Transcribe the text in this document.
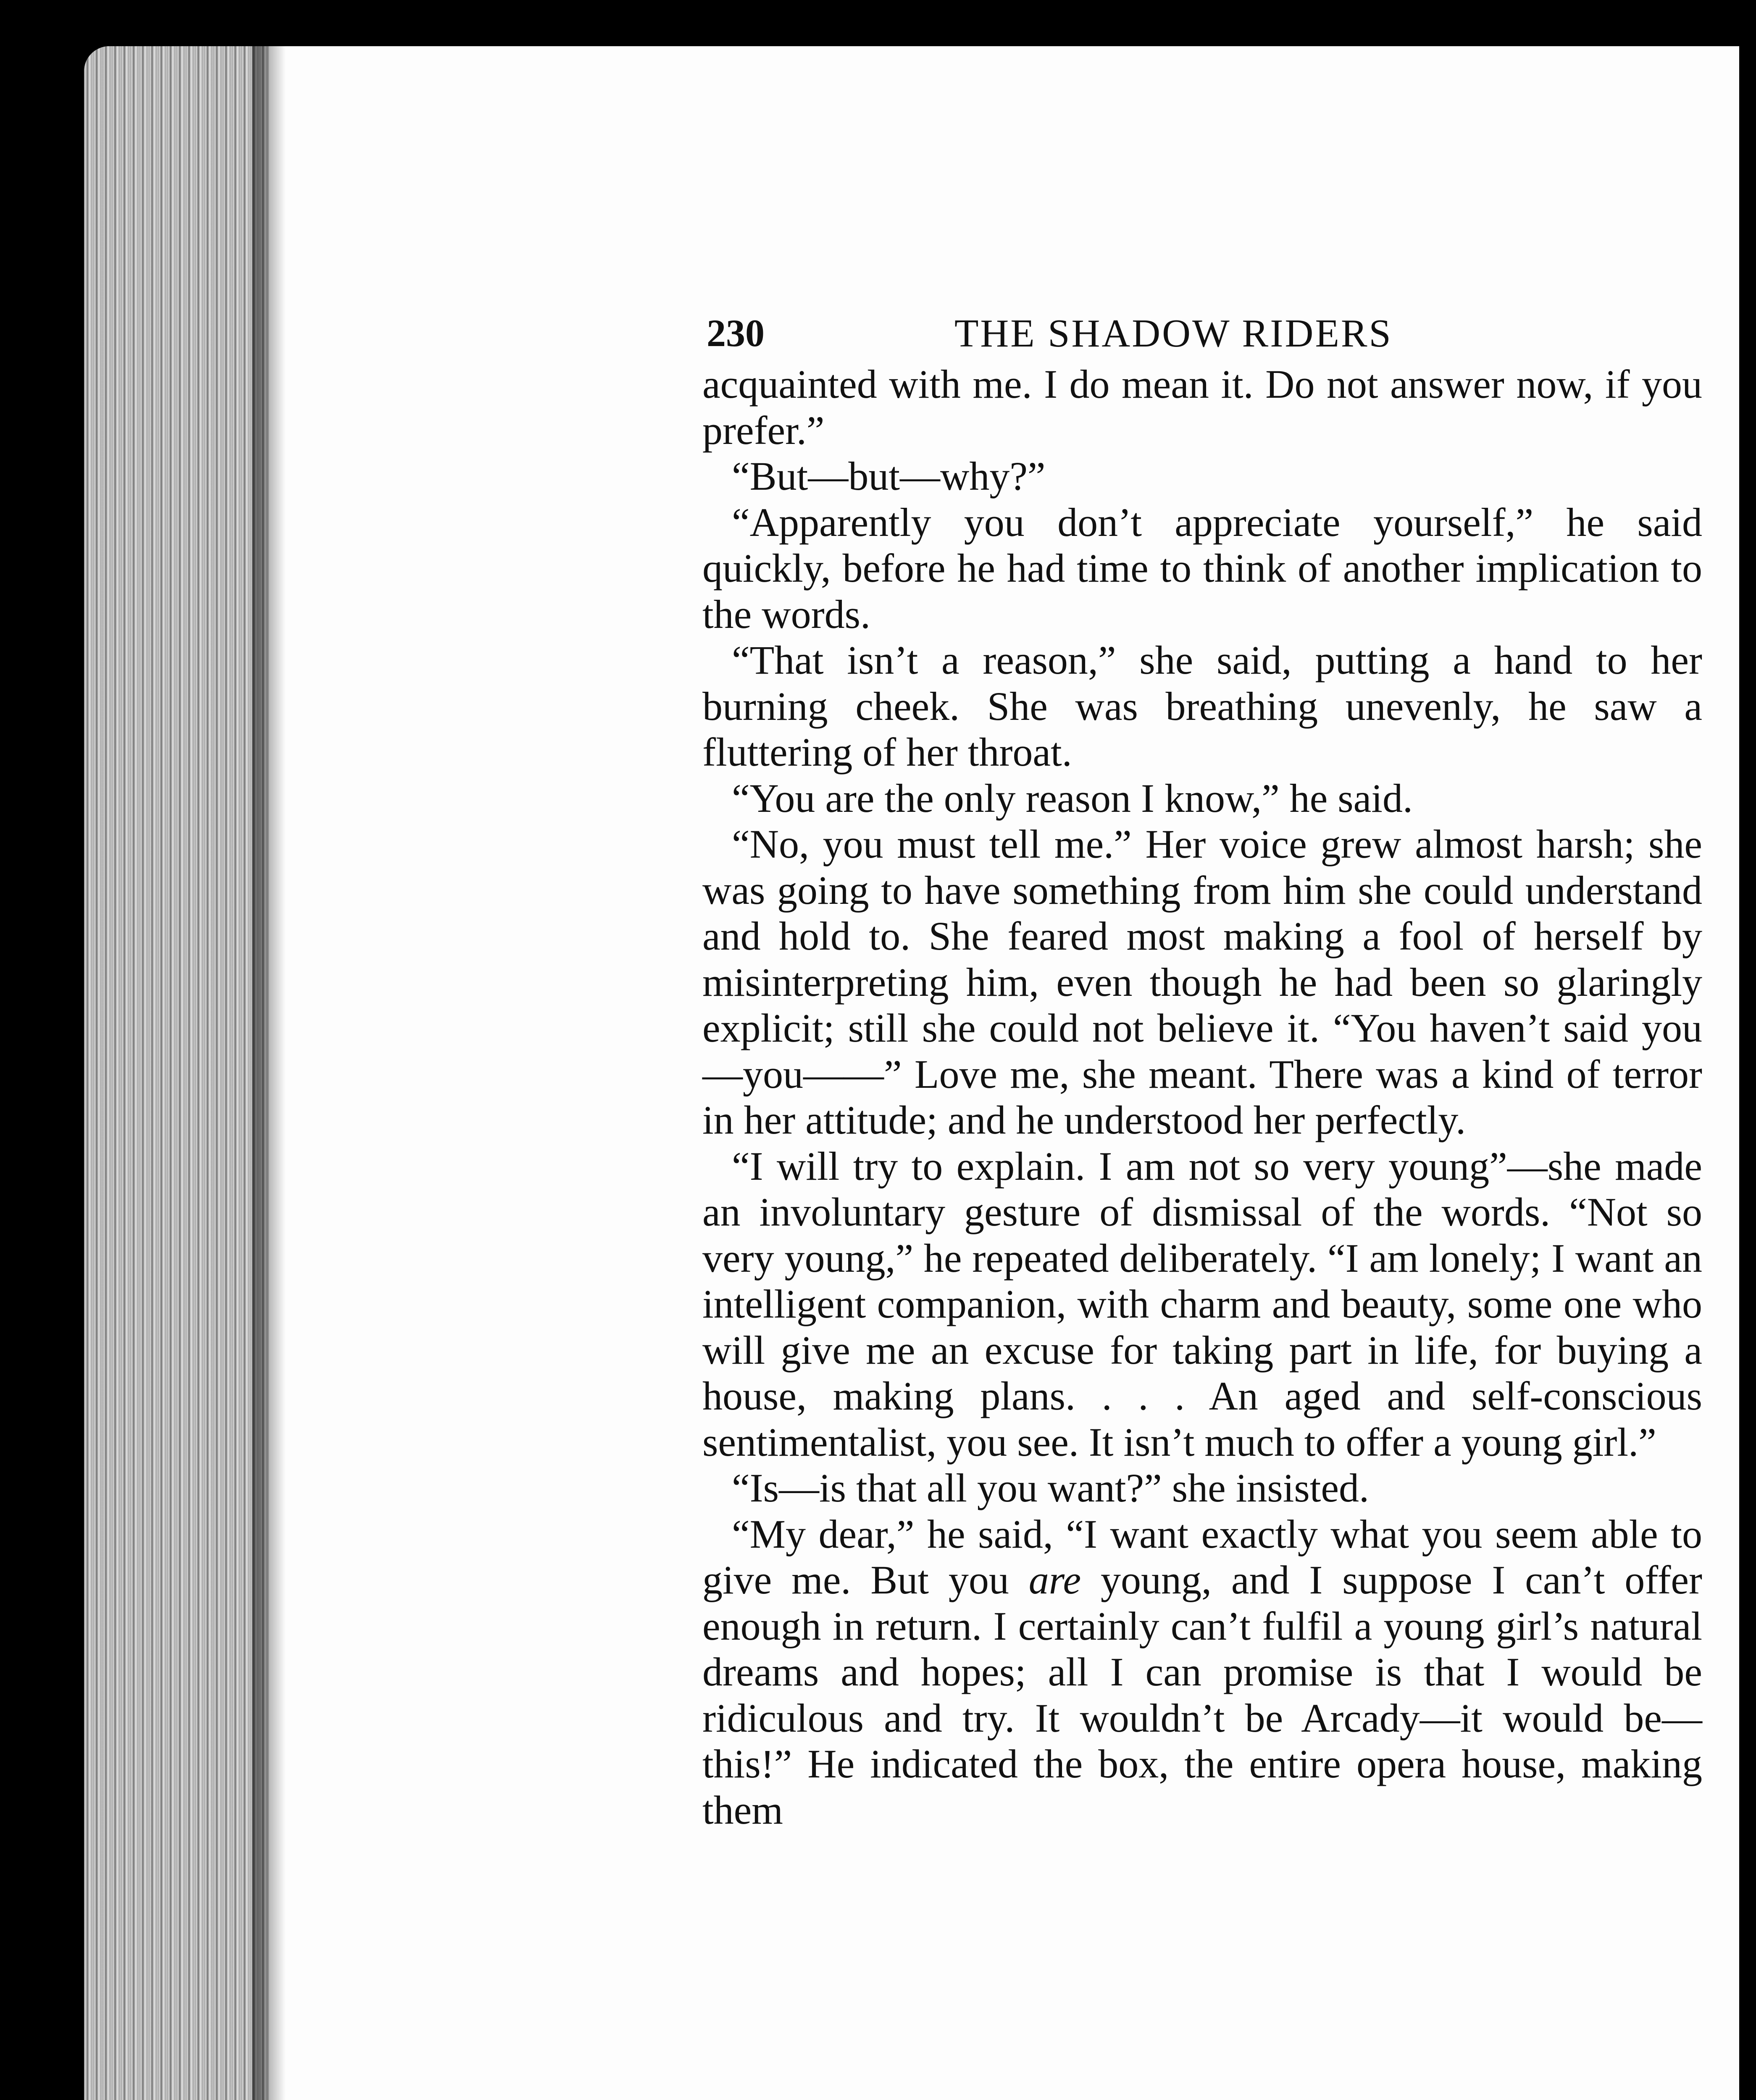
230	THE SHADOW RIDERS

acquainted with me. I do mean it. Do not answer now, if you prefer.”

“But—but—why?”

“Apparently you don’t appreciate yourself,” he said quickly, before he had time to think of another implication to the words.

“That isn’t a reason,” she said, putting a hand to her burning cheek. She was breathing unevenly, he saw a fluttering of her throat.

“You are the only reason I know,” he said.

“No, you must tell me.” Her voice grew almost harsh; she was going to have something from him she could understand and hold to. She feared most making a fool of herself by misinterpreting him, even though he had been so glaringly explicit; still she could not believe it. “You haven’t said you—you——” Love me, she meant. There was a kind of terror in her attitude; and he understood her perfectly.

“I will try to explain. I am not so very young”—she made an involuntary gesture of dismissal of the words. “Not so very young,” he repeated deliberately. “I am lonely; I want an intelligent companion, with charm and beauty, some one who will give me an excuse for taking part in life, for buying a house, making plans. . . . An aged and self-conscious sentimentalist, you see. It isn’t much to offer a young girl.”

“Is—is that all you want?” she insisted.

“My dear,” he said, “I want exactly what you seem able to give me. But you are young, and I suppose I can’t offer enough in return. I certainly can’t fulfil a young girl’s natural dreams and hopes; all I can promise is that I would be ridiculous and try. It wouldn’t be Arcady—it would be—this!” He indicated the box, the entire opera house, making them
